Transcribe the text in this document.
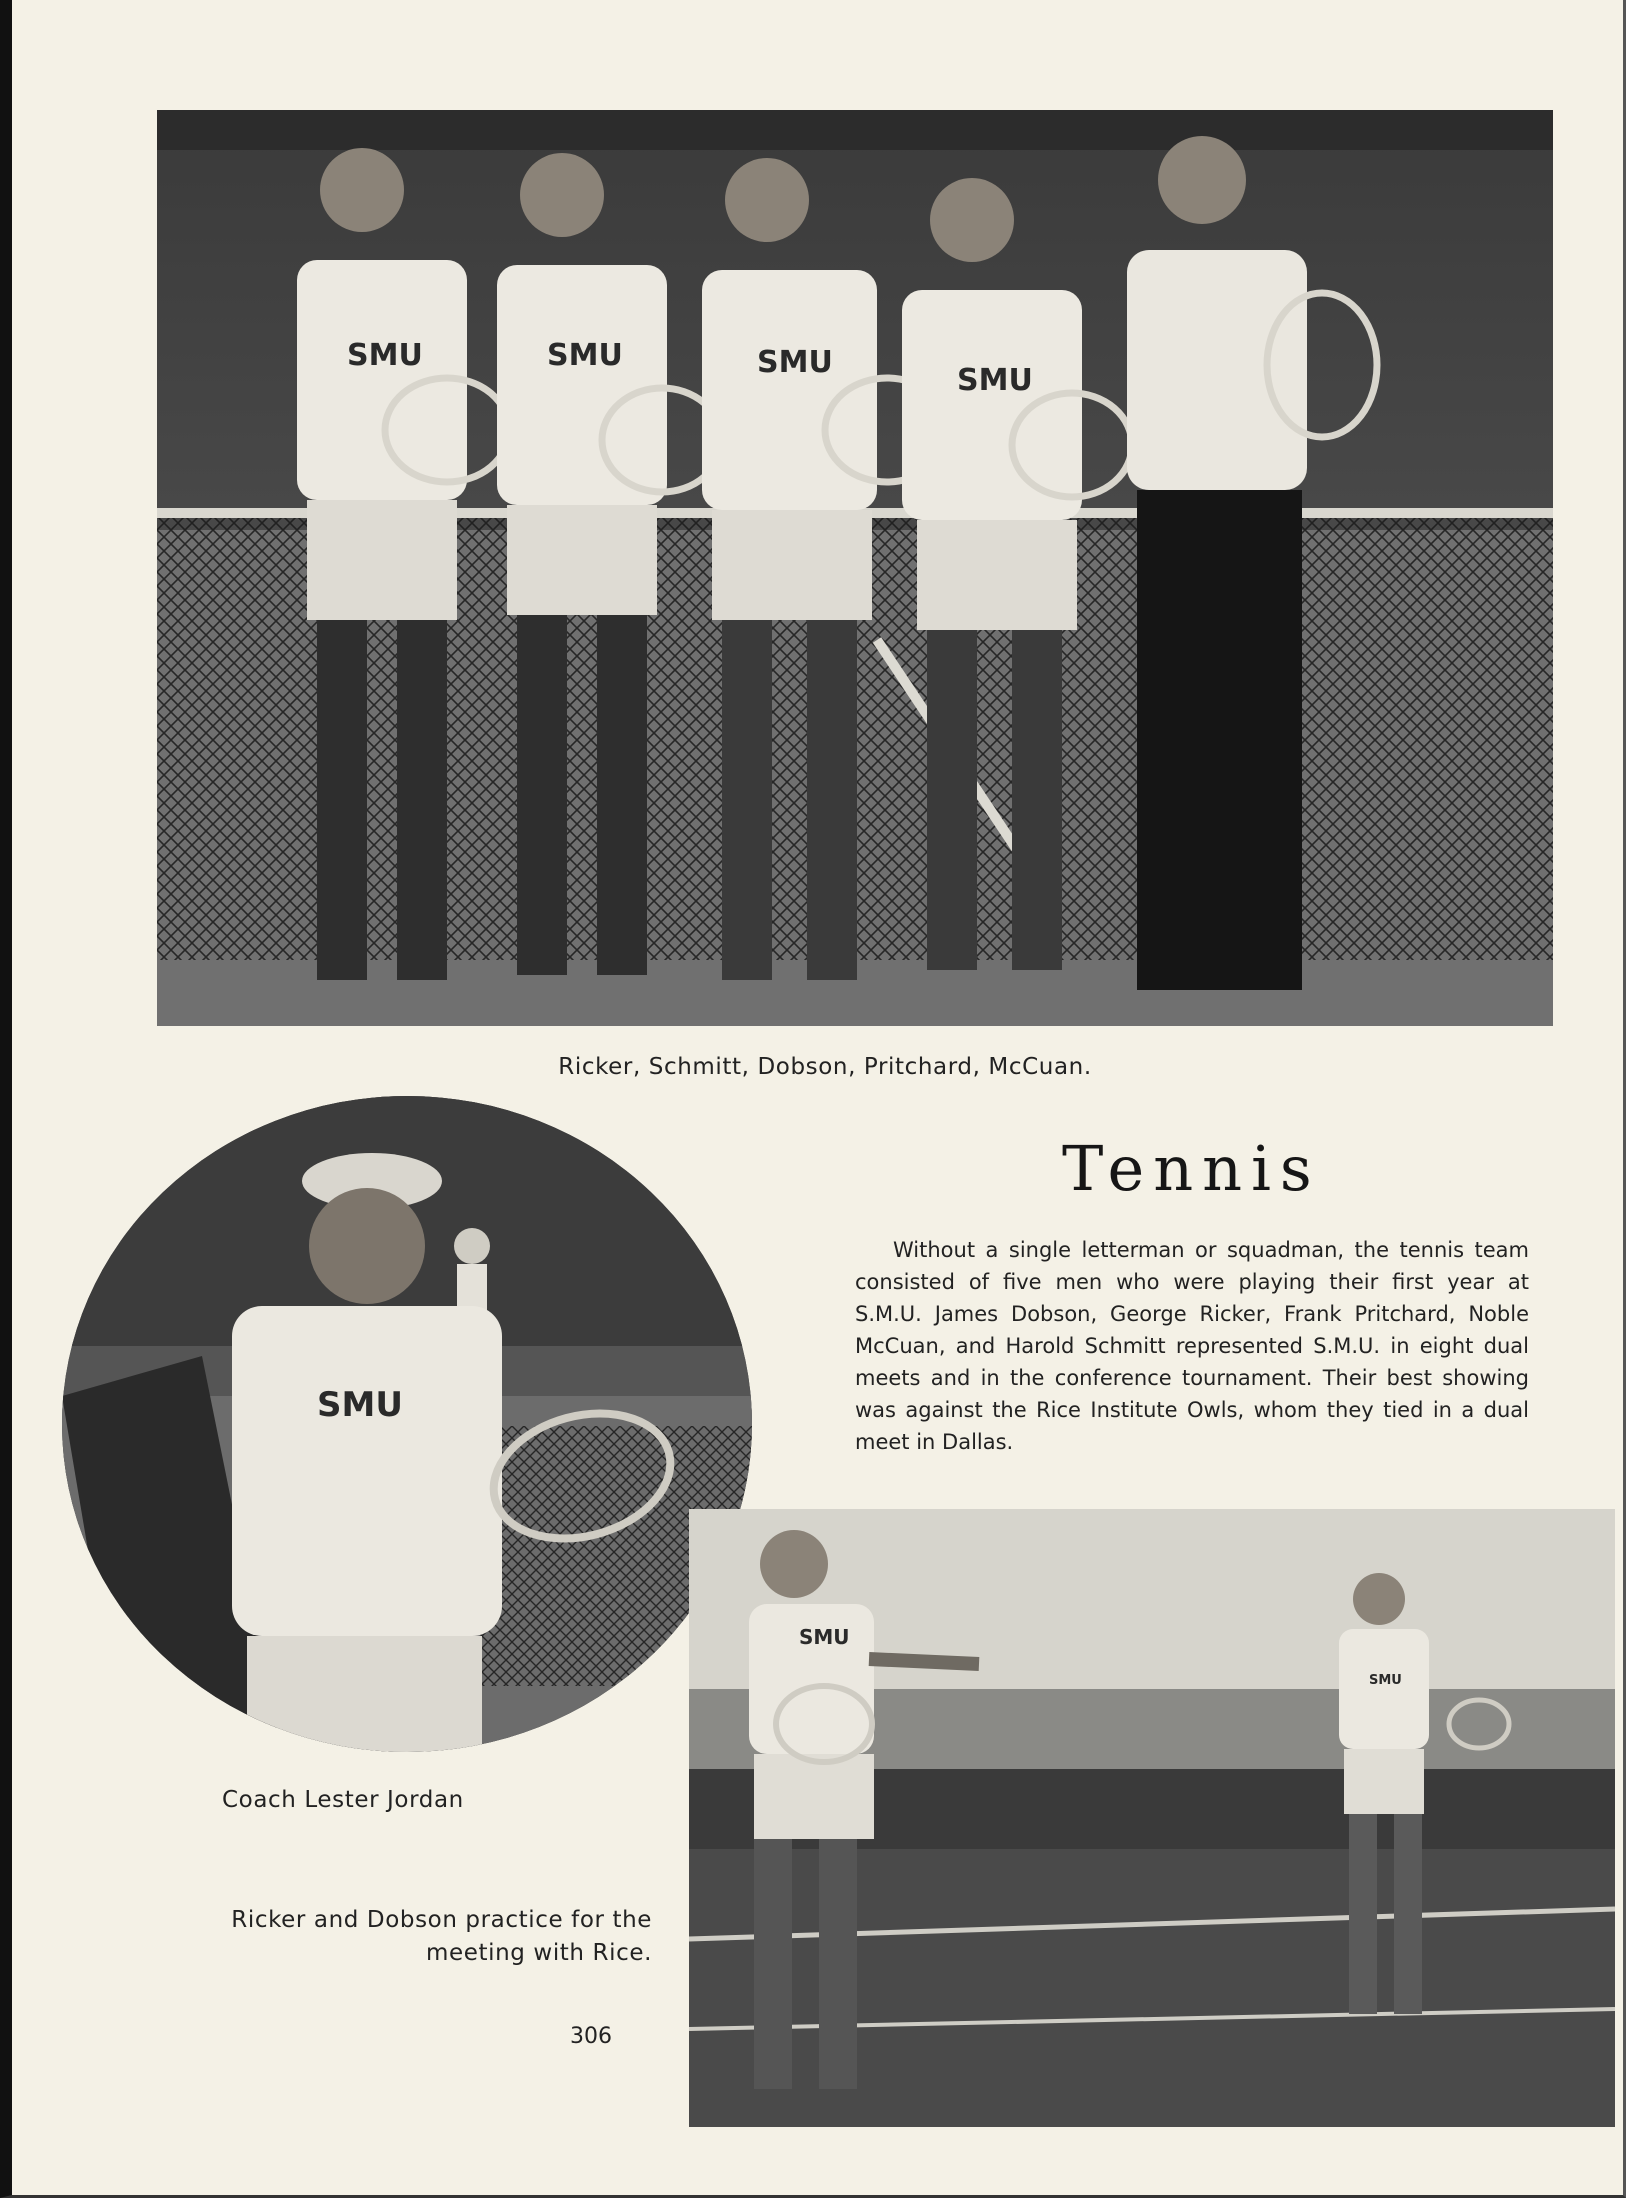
SMU	SMU	SMU
SMU
Ricker, Schmitt, Dobson, Pritchard, McCuan.
Tennis

Without a single letterman or squadman, the tennis team consisted of five men who were playing their first year at S.M.U. James Dobson, George Ricker, Frank Pritchard, Noble McCuan, and Harold Schmitt represented S.M.U. in eight dual meets and in the conference tournament. Their best showing was against the Rice Institute Owls, whom they tied in a dual meet in Dallas.

SMU
Coach Lester Jordan
SMU
SMU
Ricker and Dobson practice for the meeting with Rice.
306
